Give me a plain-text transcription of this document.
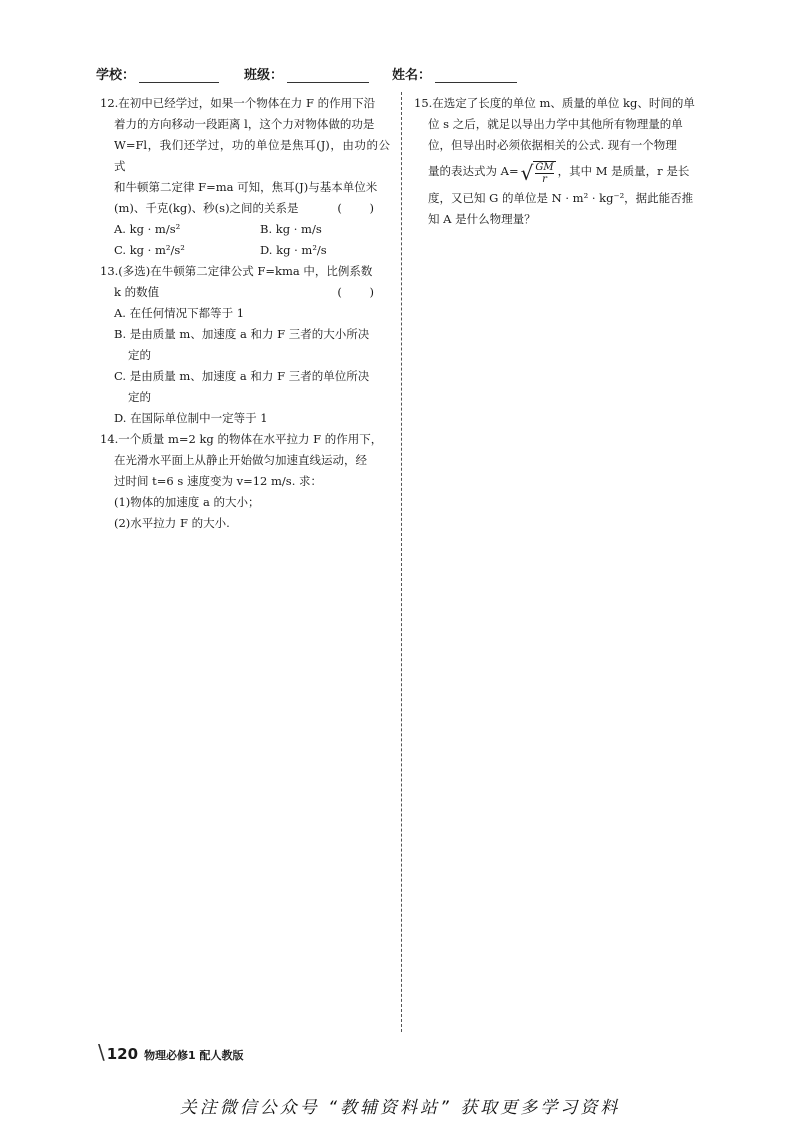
学校：	班级：	姓名：
12.在初中已经学过，如果一个物体在力 F 的作用下沿
着力的方向移动一段距离 l，这个力对物体做的功是
W=Fl，我们还学过，功的单位是焦耳(J)，由功的公式
和牛顿第二定律 F=ma 可知，焦耳(J)与基本单位米
(m)、千克(kg)、秒(s)之间的关系是	( )
A. kg · m/s²	B. kg · m/s
C. kg · m²/s²	D. kg · m²/s
13.(多选)在牛顿第二定律公式 F=kma 中，比例系数
k 的数值	( )
A. 在任何情况下都等于 1
B. 是由质量 m、加速度 a 和力 F 三者的大小所决
定的
C. 是由质量 m、加速度 a 和力 F 三者的单位所决
定的
D. 在国际单位制中一定等于 1
14.一个质量 m=2 kg 的物体在水平拉力 F 的作用下，
在光滑水平面上从静止开始做匀加速直线运动，经
过时间 t=6 s 速度变为 v=12 m/s. 求：
(1)物体的加速度 a 的大小；
(2)水平拉力 F 的大小.
15.在选定了长度的单位 m、质量的单位 kg、时间的单
位 s 之后，就足以导出力学中其他所有物理量的单
位，但导出时必须依据相关的公式. 现有一个物理
量的表达式为 A= √ $\frac{GM}{r}$ ，其中 M 是质量，r 是长
度，又已知 G 的单位是 N · m² · kg⁻²，据此能否推
知 A 是什么物理量？
\ 120 物理必修1 配人教版
关注微信公众号 “教辅资料站” 获取更多学习资料
